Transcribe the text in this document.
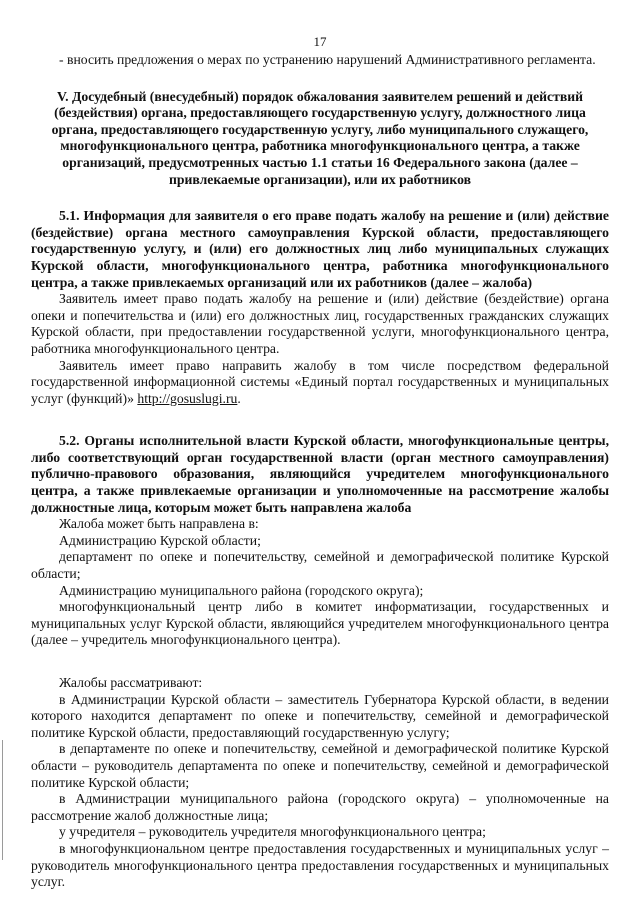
17

- вносить предложения о мерах по устранению нарушений Административного регламента.

V. Досудебный (внесудебный) порядок обжалования заявителем решений и действий (бездействия) органа, предоставляющего государственную услугу, должностного лица органа, предоставляющего государственную услугу, либо муниципального служащего, многофункционального центра, работника многофункционального центра, а также организаций, предусмотренных частью 1.1 статьи 16 Федерального закона (далее – привлекаемые организации), или их работников

5.1. Информация для заявителя о его праве подать жалобу на решение и (или) действие (бездействие) органа местного самоуправления Курской области, предоставляющего государственную услугу, и (или) его должностных лиц либо муниципальных служащих Курской области, многофункционального центра, работника многофункционального центра, а также привлекаемых организаций или их работников (далее – жалоба)

Заявитель имеет право подать жалобу на решение и (или) действие (бездействие) органа опеки и попечительства и (или) его должностных лиц, государственных гражданских служащих Курской области, при предоставлении государственной услуги, многофункционального центра, работника многофункционального центра.

Заявитель имеет право направить жалобу в том числе посредством федеральной государственной информационной системы «Единый портал государственных и муниципальных услуг (функций)» http://gosuslugi.ru.

5.2. Органы исполнительной власти Курской области, многофункциональные центры, либо соответствующий орган государственной власти (орган местного самоуправления) публично-правового образования, являющийся учредителем многофункционального центра, а также привлекаемые организации и уполномоченные на рассмотрение жалобы должностные лица, которым может быть направлена жалоба

Жалоба может быть направлена в:

Администрацию Курской области;

департамент по опеке и попечительству, семейной и демографической политике Курской области;

Администрацию муниципального района (городского округа);

многофункциональный центр либо в комитет информатизации, государственных и муниципальных услуг Курской области, являющийся учредителем многофункционального центра (далее – учредитель многофункционального центра).

Жалобы рассматривают:

в Администрации Курской области – заместитель Губернатора Курской области, в ведении которого находится департамент по опеке и попечительству, семейной и демографической политике Курской области, предоставляющий государственную услугу;

в департаменте по опеке и попечительству, семейной и демографической политике Курской области – руководитель департамента по опеке и попечительству, семейной и демографической политике Курской области;

в Администрации муниципального района (городского округа) – уполномоченные на рассмотрение жалоб должностные лица;

у учредителя – руководитель учредителя многофункционального центра;

в многофункциональном центре предоставления государственных и муниципальных услуг – руководитель многофункционального центра предоставления государственных и муниципальных услуг.
